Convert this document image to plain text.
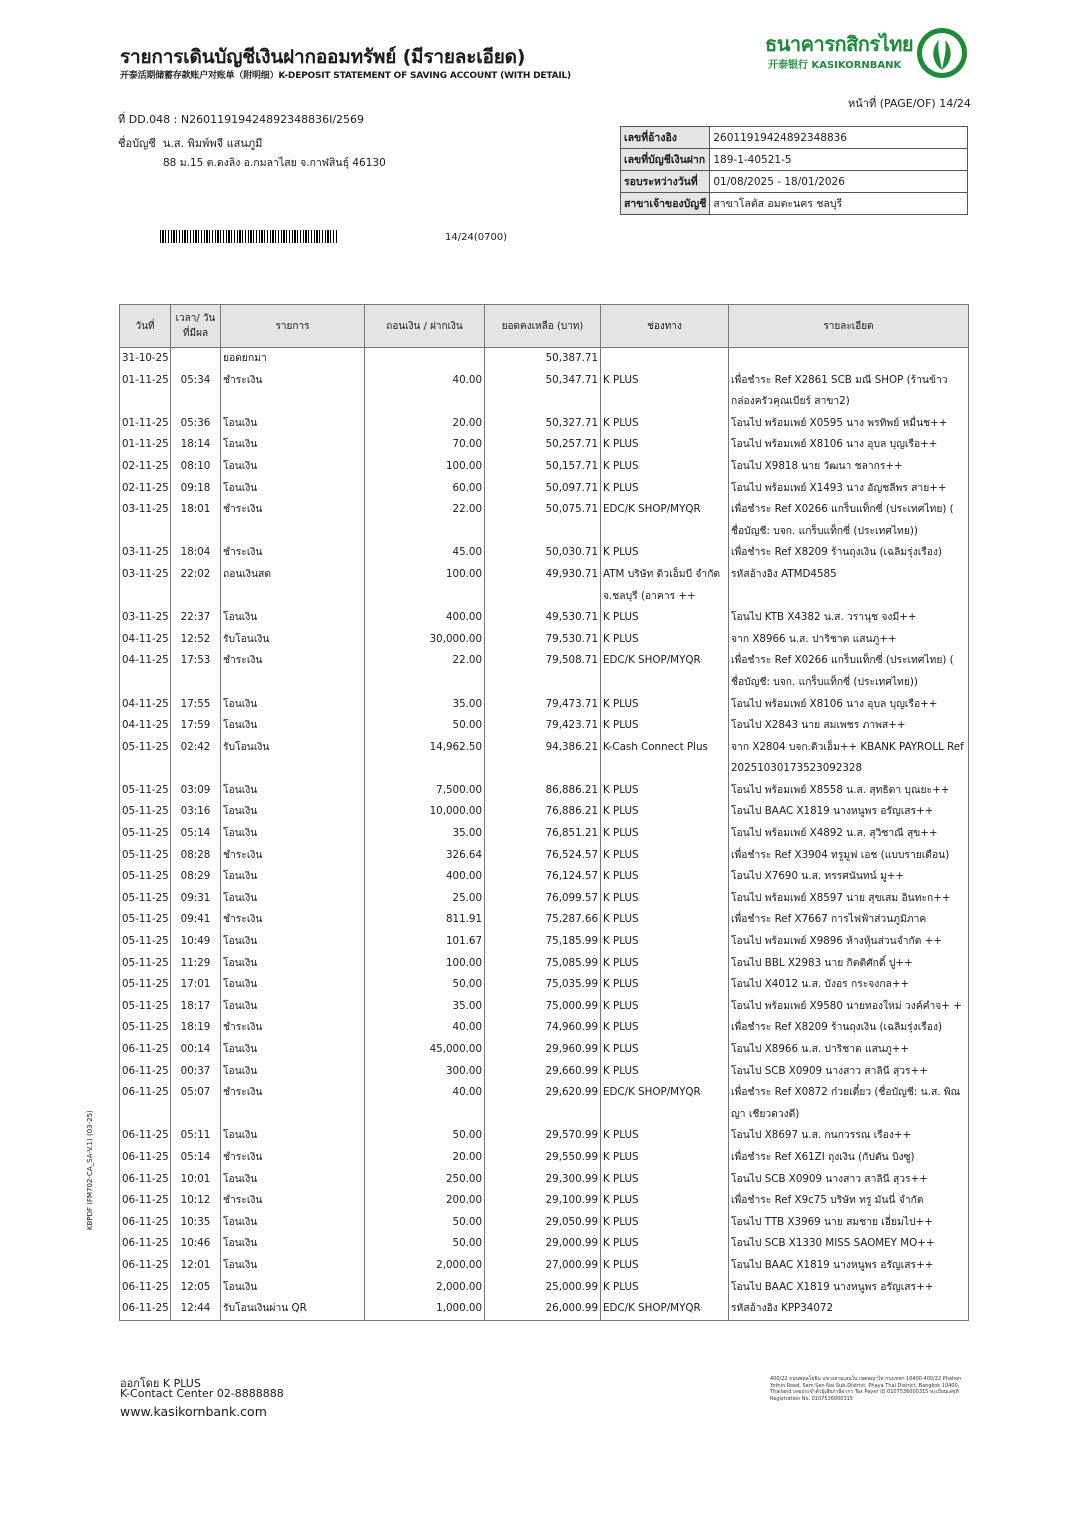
รายการเดินบัญชีเงินฝากออมทรัพย์ (มีรายละเอียด)
开泰活期储蓄存款账户对账单（附明细）K-DEPOSIT STATEMENT OF SAVING ACCOUNT (WITH DETAIL)
ธนาคารกสิกรไทย
开泰银行 KASIKORNBANK
หน้าที่ (PAGE/OF) 14/24
ที่ DD.048 : N2601191942489234883​6I/2569
ชื่อบัญชี น.ส. พิมพ์พจี แสนภูมี
88 ม.15 ต.ดงลิง อ.กมลาไสย จ.กาฬสินธุ์ 46130
14/24(0700)
เลขที่อ้างอิง	260119194248923488​36
เลขที่บัญชีเงินฝาก	189-1-40521-5
รอบระหว่างวันที่	01/08/2025 - 18/01/2026
สาขาเจ้าของบัญชี	สาขาโลตัส อมตะนคร ชลบุรี
วันที่	เวลา/ วันที่มีผล	รายการ	ถอนเงิน / ฝากเงิน	ยอดคงเหลือ (บาท)	ช่องทาง	รายละเอียด
31-10-25		ยอดยกมา		50,387.71		
01-11-25	05:34	ชำระเงิน	40.00	50,347.71	K PLUS	เพื่อชำระ Ref X2861 SCB มณี SHOP (ร้านข้าว กล่องครัวคุณเบียร์ สาขา2)
01-11-25	05:36	โอนเงิน	20.00	50,327.71	K PLUS	โอนไป พร้อมเพย์ X0595 นาง พรทิพย์ หมื่นช++
01-11-25	18:14	โอนเงิน	70.00	50,257.71	K PLUS	โอนไป พร้อมเพย์ X8106 นาง อุบล บุญเรือ++
02-11-25	08:10	โอนเงิน	100.00	50,157.71	K PLUS	โอนไป X9818 นาย วัฒนา ชลากร++
02-11-25	09:18	โอนเงิน	60.00	50,097.71	K PLUS	โอนไป พร้อมเพย์ X1493 นาง อัญชลีพร สาย++
03-11-25	18:01	ชำระเงิน	22.00	50,075.71	EDC/K SHOP/MYQR	เพื่อชำระ Ref X0266 แกร็บแท็กซี่ (ประเทศไทย) ( ชื่อบัญชี: บจก. แกร็บแท็กซี่ (ประเทศไทย))
03-11-25	18:04	ชำระเงิน	45.00	50,030.71	K PLUS	เพื่อชำระ Ref X8209 ร้านถุงเงิน (เฉลิมรุ่งเรือง)
03-11-25	22:02	ถอนเงินสด	100.00	49,930.71	ATM บริษัท ดิวเอ็มบี จำกัด จ.ชลบุรี (อาคาร ++	รหัสอ้างอิง ATMD4585
03-11-25	22:37	โอนเงิน	400.00	49,530.71	K PLUS	โอนไป KTB X4382 น.ส. วรานุช จงมี++
04-11-25	12:52	รับโอนเงิน	30,000.00	79,530.71	K PLUS	จาก X8966 น.ส. ปาริชาต แสนภู++
04-11-25	17:53	ชำระเงิน	22.00	79,508.71	EDC/K SHOP/MYQR	เพื่อชำระ Ref X0266 แกร็บแท็กซี่ (ประเทศไทย) ( ชื่อบัญชี: บจก. แกร็บแท็กซี่ (ประเทศไทย))
04-11-25	17:55	โอนเงิน	35.00	79,473.71	K PLUS	โอนไป พร้อมเพย์ X8106 นาง อุบล บุญเรือ++
04-11-25	17:59	โอนเงิน	50.00	79,423.71	K PLUS	โอนไป X2843 นาย สมเพชร ภาพส++
05-11-25	02:42	รับโอนเงิน	14,962.50	94,386.21	K-Cash Connect Plus	จาก X2804 บจก.ดิวเอ็ม++ KBANK PAYROLL Ref 20251030173523092328
05-11-25	03:09	โอนเงิน	7,500.00	86,886.21	K PLUS	โอนไป พร้อมเพย์ X8558 น.ส. สุทธิดา บุณยะ++
05-11-25	03:16	โอนเงิน	10,000.00	76,886.21	K PLUS	โอนไป BAAC X1819 นางหนูพร อรัญเสร++
05-11-25	05:14	โอนเงิน	35.00	76,851.21	K PLUS	โอนไป พร้อมเพย์ X4892 น.ส. สุวิชาณี สุข++
05-11-25	08:28	ชำระเงิน	326.64	76,524.57	K PLUS	เพื่อชำระ Ref X3904 ทรูมูฟ เอช (แบบรายเดือน)
05-11-25	08:29	โอนเงิน	400.00	76,124.57	K PLUS	โอนไป X7690 น.ส. ทรรศนันทน์ มู++
05-11-25	09:31	โอนเงิน	25.00	76,099.57	K PLUS	โอนไป พร้อมเพย์ X8597 นาย สุขเสม อินทะก++
05-11-25	09:41	ชำระเงิน	811.91	75,287.66	K PLUS	เพื่อชำระ Ref X7667 การไฟฟ้าส่วนภูมิภาค
05-11-25	10:49	โอนเงิน	101.67	75,185.99	K PLUS	โอนไป พร้อมเพย์ X9896 ห้างหุ้นส่วนจำกัด ++
05-11-25	11:29	โอนเงิน	100.00	75,085.99	K PLUS	โอนไป BBL X2983 นาย กิตติศักดิ์ ปู++
05-11-25	17:01	โอนเงิน	50.00	75,035.99	K PLUS	โอนไป X4012 น.ส. บังอร กระจงกล++
05-11-25	18:17	โอนเงิน	35.00	75,000.99	K PLUS	โอนไป พร้อมเพย์ X9580 นายทองใหม่ วงค์คำจ+ +
05-11-25	18:19	ชำระเงิน	40.00	74,960.99	K PLUS	เพื่อชำระ Ref X8209 ร้านถุงเงิน (เฉลิมรุ่งเรือง)
06-11-25	00:14	โอนเงิน	45,000.00	29,960.99	K PLUS	โอนไป X8966 น.ส. ปาริชาต แสนภู++
06-11-25	00:37	โอนเงิน	300.00	29,660.99	K PLUS	โอนไป SCB X0909 นางสาว สาลินี สุวร++
06-11-25	05:07	ชำระเงิน	40.00	29,620.99	EDC/K SHOP/MYQR	เพื่อชำระ Ref X0872 ก๋วยเตี๋ยว (ชื่อบัญชี: น.ส. พิณญา เชียวดวงดี)
06-11-25	05:11	โอนเงิน	50.00	29,570.99	K PLUS	โอนไป X8697 น.ส. กนกวรรณ เรือง++
06-11-25	05:14	ชำระเงิน	20.00	29,550.99	K PLUS	เพื่อชำระ Ref X61ZI ถุงเงิน (กัปตัน บิงซู)
06-11-25	10:01	โอนเงิน	250.00	29,300.99	K PLUS	โอนไป SCB X0909 นางสาว สาลินี สุวร++
06-11-25	10:12	ชำระเงิน	200.00	29,100.99	K PLUS	เพื่อชำระ Ref X9c75 บริษัท ทรู มันนี่ จำกัด
06-11-25	10:35	โอนเงิน	50.00	29,050.99	K PLUS	โอนไป TTB X3969 นาย สมชาย เอี่ยมไป++
06-11-25	10:46	โอนเงิน	50.00	29,000.99	K PLUS	โอนไป SCB X1330 MISS SAOMEY MO++
06-11-25	12:01	โอนเงิน	2,000.00	27,000.99	K PLUS	โอนไป BAAC X1819 นางหนูพร อรัญเสร++
06-11-25	12:05	โอนเงิน	2,000.00	25,000.99	K PLUS	โอนไป BAAC X1819 นางหนูพร อรัญเสร++
06-11-25	12:44	รับโอนเงินผ่าน QR	1,000.00	26,000.99	EDC/K SHOP/MYQR	รหัสอ้างอิง KPP34072
KBPDF (FM702-CA_SA-V.1) (03-25)
ออกโดย K PLUS
K-Contact Center 02-8888888
www.kasikornbank.com
400/22 ถนนพหลโยธิน แขวงสามเสนใน เขตพญาไท กรุงเทพฯ 10400 400/22 Phahon Yothin Road, Sam Sen Nai Sub-District, Phaya Thai District, Bangkok 10400, Thailand เลขประจำตัวผู้เสียภาษีอากร Tax Payer ID 0107536000315 ทะเบียนเลขที่ Registration No. 0107536000315
